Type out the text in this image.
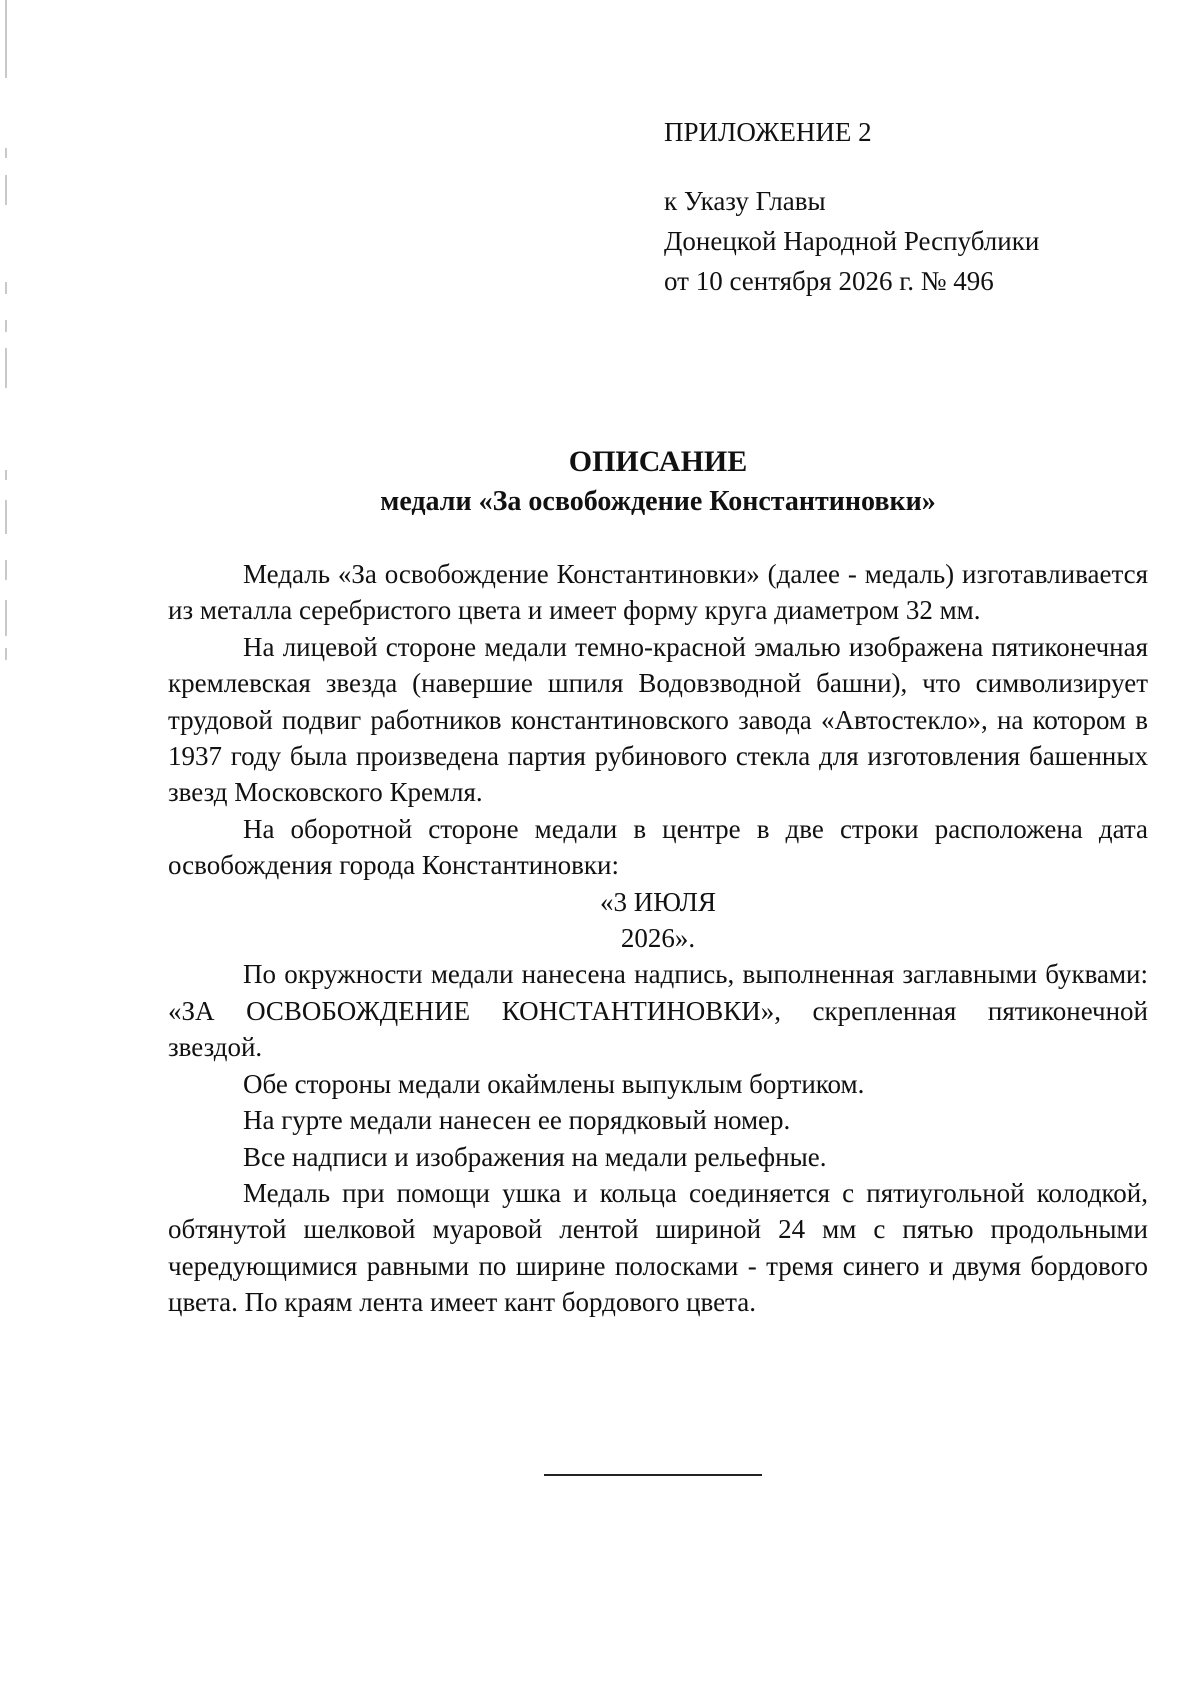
ПРИЛОЖЕНИЕ 2
к Указу Главы
Донецкой Народной Республики
от 10 сентября 2026 г. № 496
ОПИСАНИЕ
медали «За освобождение Константиновки»

Медаль «За освобождение Константиновки» (далее - медаль) изготавливается из металла серебристого цвета и имеет форму круга диаметром 32 мм.

На лицевой стороне медали темно-красной эмалью изображена пятиконечная кремлевская звезда (навершие шпиля Водовзводной башни), что символизирует трудовой подвиг работников константиновского завода «Автостекло», на котором в 1937 году была произведена партия рубинового стекла для изготовления башенных звезд Московского Кремля.

На оборотной стороне медали в центре в две строки расположена дата освобождения города Константиновки:

«3 ИЮЛЯ
2026».

По окружности медали нанесена надпись, выполненная заглавными буквами: «ЗА ОСВОБОЖДЕНИЕ КОНСТАНТИНОВКИ», скрепленная пятиконечной звездой.

Обе стороны медали окаймлены выпуклым бортиком.

На гурте медали нанесен ее порядковый номер.

Все надписи и изображения на медали рельефные.

Медаль при помощи ушка и кольца соединяется с пятиугольной колодкой, обтянутой шелковой муаровой лентой шириной 24 мм с пятью продольными чередующимися равными по ширине полосками - тремя синего и двумя бордового цвета. По краям лента имеет кант бордового цвета.
